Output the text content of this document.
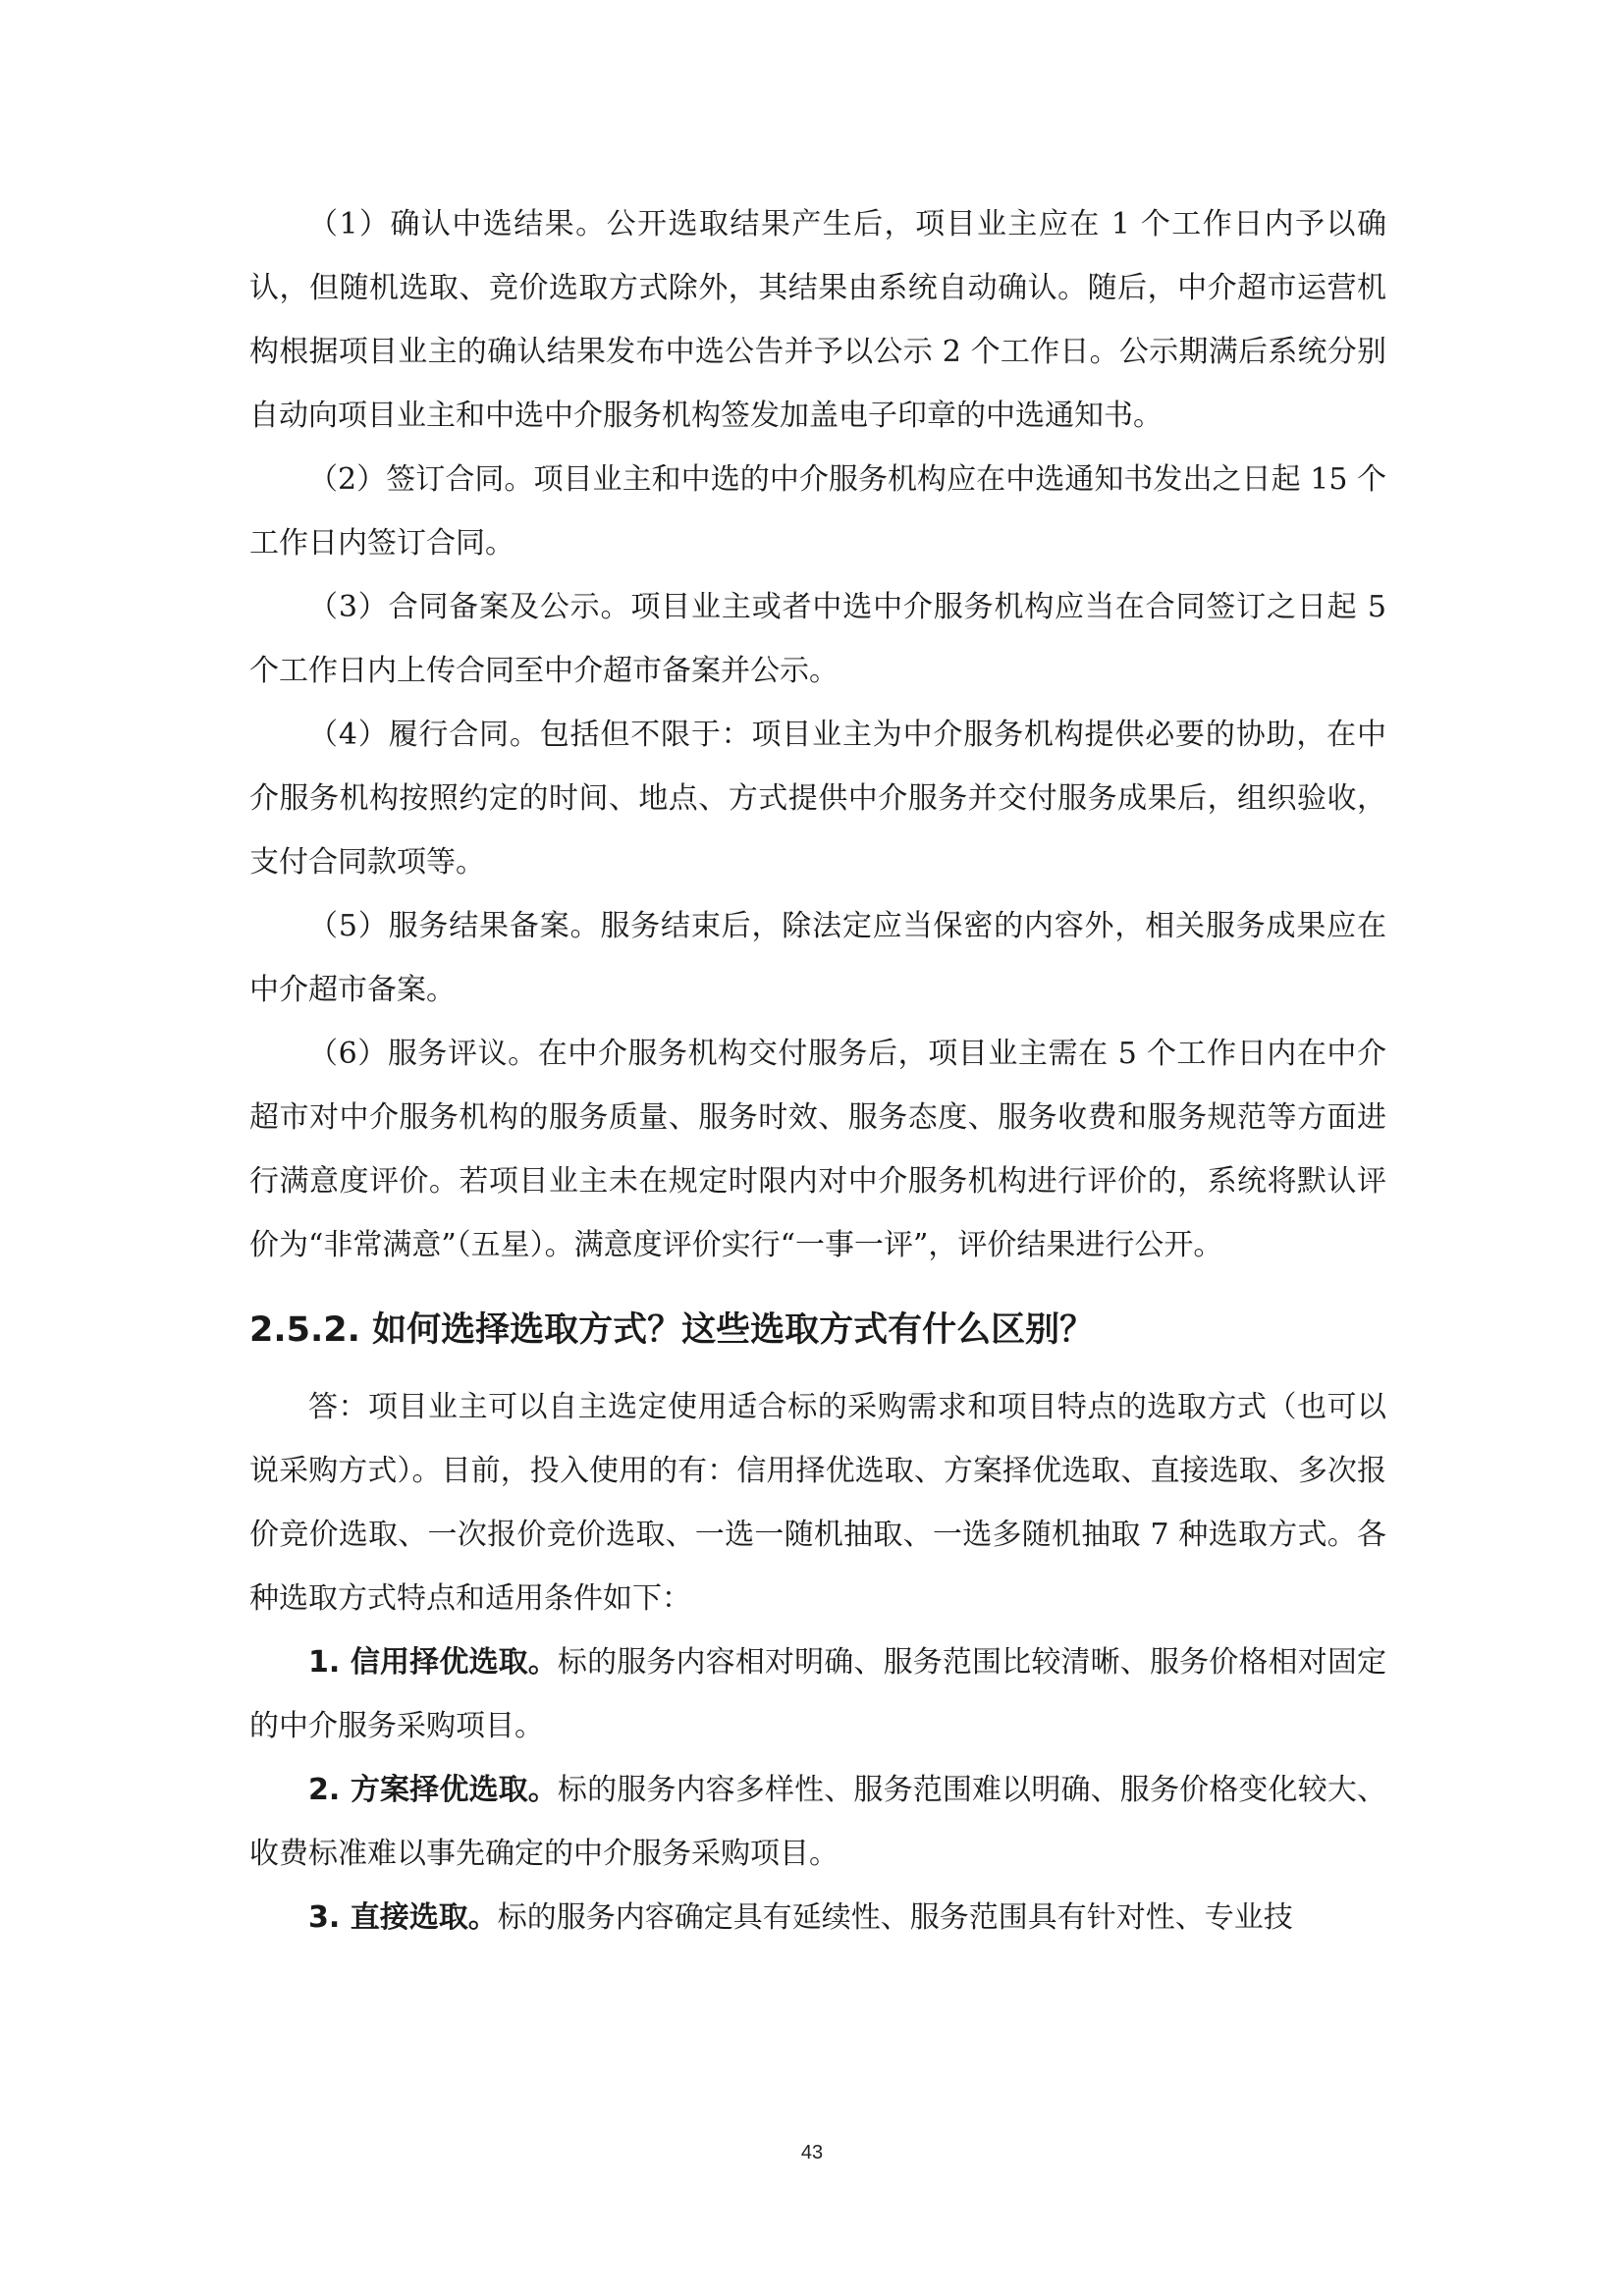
（1）确认中选结果。公开选取结果产生后，项目业主应在 1 个工作日内予以确认，但随机选取、竞价选取方式除外，其结果由系统自动确认。随后，中介超市运营机构根据项目业主的确认结果发布中选公告并予以公示 2 个工作日。公示期满后系统分别自动向项目业主和中选中介服务机构签发加盖电子印章的中选通知书。

（2）签订合同。项目业主和中选的中介服务机构应在中选通知书发出之日起 15 个工作日内签订合同。

（3）合同备案及公示。项目业主或者中选中介服务机构应当在合同签订之日起 5 个工作日内上传合同至中介超市备案并公示。

（4）履行合同。包括但不限于：项目业主为中介服务机构提供必要的协助，在中介服务机构按照约定的时间、地点、方式提供中介服务并交付服务成果后，组织验收，支付合同款项等。

（5）服务结果备案。服务结束后，除法定应当保密的内容外，相关服务成果应在中介超市备案。

（6）服务评议。在中介服务机构交付服务后，项目业主需在 5 个工作日内在中介超市对中介服务机构的服务质量、服务时效、服务态度、服务收费和服务规范等方面进行满意度评价。若项目业主未在规定时限内对中介服务机构进行评价的，系统将默认评价为“非常满意”（五星）。满意度评价实行“一事一评”，评价结果进行公开。

2.5.2. 如何选择选取方式？这些选取方式有什么区别？

答：项目业主可以自主选定使用适合标的采购需求和项目特点的选取方式（也可以说采购方式）。目前，投入使用的有：信用择优选取、方案择优选取、直接选取、多次报价竞价选取、一次报价竞价选取、一选一随机抽取、一选多随机抽取 7 种选取方式。各种选取方式特点和适用条件如下：

1. 信用择优选取。标的服务内容相对明确、服务范围比较清晰、服务价格相对固定的中介服务采购项目。

2. 方案择优选取。标的服务内容多样性、服务范围难以明确、服务价格变化较大、收费标准难以事先确定的中介服务采购项目。

3. 直接选取。标的服务内容确定具有延续性、服务范围具有针对性、专业技

43
